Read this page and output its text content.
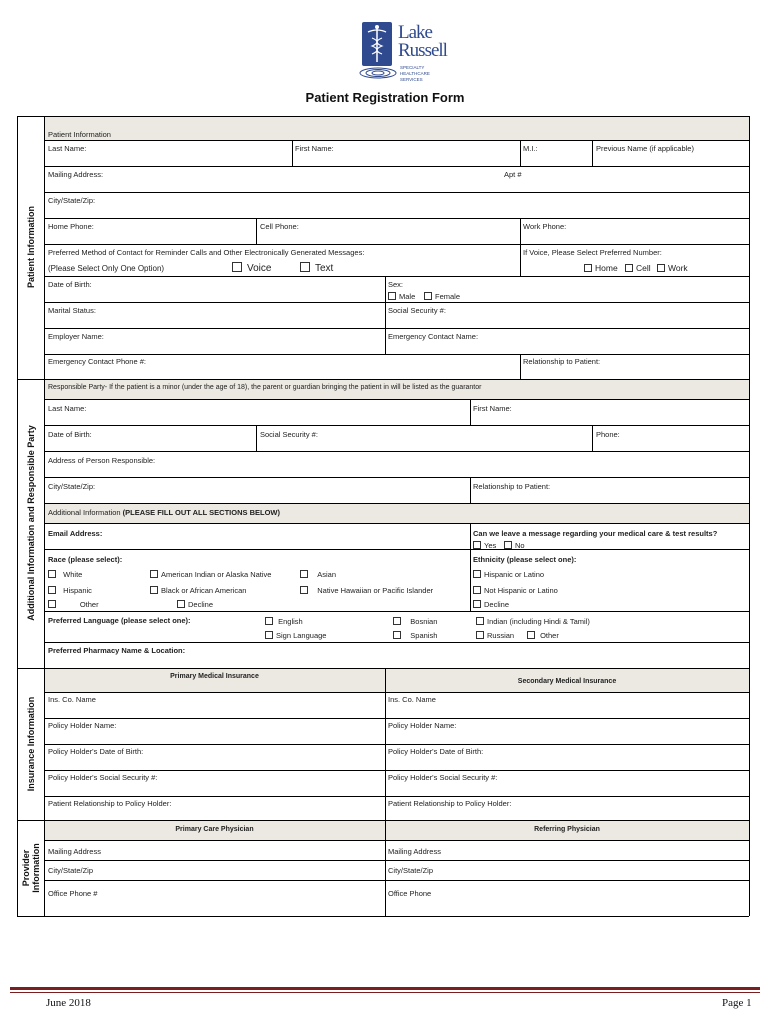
Lake
Russell
SPECIALTY
HEALTHCARE
SERVICES
Patient Registration Form
Patient Information
Additional Information and Responsible Party
Insurance Information
Provider Information
Patient Information
Last Name:	First Name:	M.I.:	Previous Name (if applicable)
Mailing Address:	Apt #
City/State/Zip:
Home Phone:	Cell Phone:	Work Phone:
Preferred Method of Contact for Reminder Calls and Other Electronically Generated Messages:
(Please Select Only One Option)	Voice	Text
If Voice, Please Select Preferred Number:
Home	Cell	Work
Date of Birth:	Sex:
Male	Female
Marital Status:	Social Security #:
Employer Name:	Emergency Contact Name:
Emergency Contact Phone #:	Relationship to Patient:
Responsible Party- If the patient is a minor (under the age of 18), the parent or guardian bringing the patient in will be listed as the guarantor
Last Name:	First Name:
Date of Birth:	Social Security #:	Phone:
Address of Person Responsible:
City/State/Zip:	Relationship to Patient:
Additional Information (PLEASE FILL OUT ALL SECTIONS BELOW)
Email Address:	Can we leave a message regarding your medical care & test results?
Yes	No
Race (please select):
White	American Indian or Alaska Native	Asian
Hispanic	Black or African American	Native Hawaiian or Pacific Islander
Other	Decline
Ethnicity (please select one):
Hispanic or Latino
Not Hispanic or Latino
Decline
Preferred Language (please select one):	English	Bosnian	Indian (including Hindi & Tamil)
Sign Language	Spanish	Russian	Other
Preferred Pharmacy Name & Location:
Primary Medical Insurance
Secondary Medical Insurance
Ins. Co. Name	Ins. Co. Name
Policy Holder Name:	Policy Holder Name:
Policy Holder's Date of Birth:	Policy Holder's Date of Birth:
Policy Holder's Social Security #:	Policy Holder's Social Security #:
Patient Relationship to Policy Holder:	Patient Relationship to Policy Holder:
Primary Care Physician	Referring Physician
Mailing Address	Mailing Address
City/State/Zip	City/State/Zip
Office Phone #	Office Phone
June 2018	Page 1
